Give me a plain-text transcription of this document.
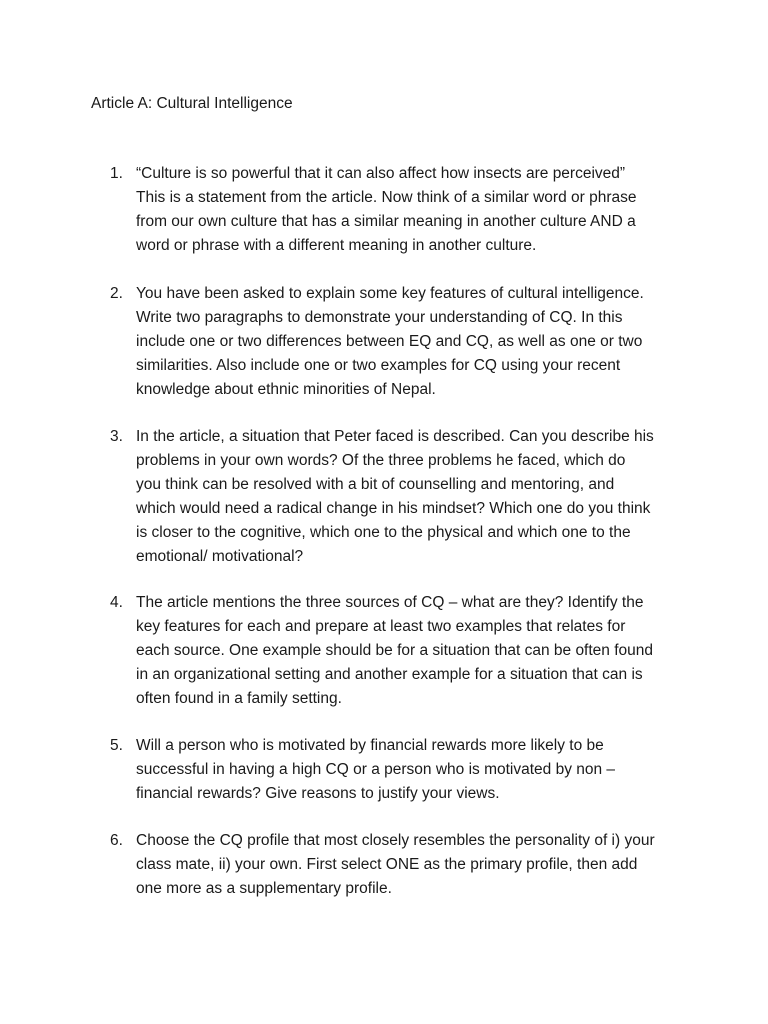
Article A: Cultural Intelligence
1. “Culture is so powerful that it can also affect how insects are perceived”
This is a statement from the article. Now think of a similar word or phrase
from our own culture that has a similar meaning in another culture AND a
word or phrase with a different meaning in another culture.
2. You have been asked to explain some key features of cultural intelligence.
Write two paragraphs to demonstrate your understanding of CQ. In this
include one or two differences between EQ and CQ, as well as one or two
similarities. Also include one or two examples for CQ using your recent
knowledge about ethnic minorities of Nepal.
3. In the article, a situation that Peter faced is described. Can you describe his
problems in your own words? Of the three problems he faced, which do
you think can be resolved with a bit of counselling and mentoring, and
which would need a radical change in his mindset? Which one do you think
is closer to the cognitive, which one to the physical and which one to the
emotional/ motivational?
4. The article mentions the three sources of CQ – what are they? Identify the
key features for each and prepare at least two examples that relates for
each source. One example should be for a situation that can be often found
in an organizational setting and another example for a situation that can is
often found in a family setting.
5. Will a person who is motivated by financial rewards more likely to be
successful in having a high CQ or a person who is motivated by non –
financial rewards? Give reasons to justify your views.
6. Choose the CQ profile that most closely resembles the personality of i) your
class mate, ii) your own. First select ONE as the primary profile, then add
one more as a supplementary profile.
